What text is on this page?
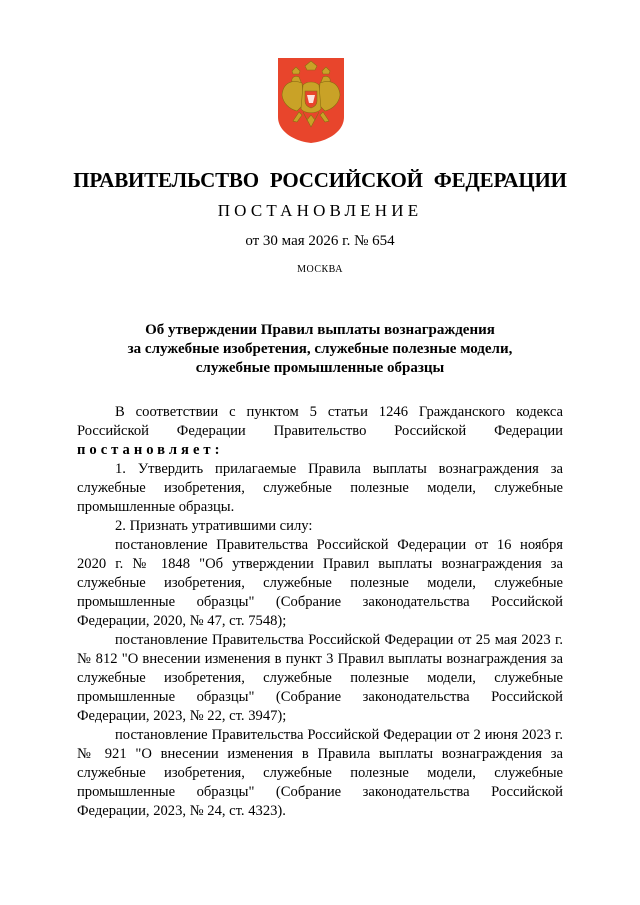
ПРАВИТЕЛЬСТВО РОССИЙСКОЙ ФЕДЕРАЦИИ
ПОСТАНОВЛЕНИЕ
от 30 мая 2026 г. № 654
МОСКВА
Об утверждении Правил выплаты вознаграждения
за служебные изобретения, служебные полезные модели,
служебные промышленные образцы

В соответствии с пунктом 5 статьи 1246 Гражданского кодекса Российской Федерации Правительство Российской Федерации постановляет:

1. Утвердить прилагаемые Правила выплаты вознаграждения за служебные изобретения, служебные полезные модели, служебные промышленные образцы.

2. Признать утратившими силу:

постановление Правительства Российской Федерации от 16 ноября 2020 г. № 1848 "Об утверждении Правил выплаты вознаграждения за служебные изобретения, служебные полезные модели, служебные промышленные образцы" (Собрание законодательства Российской Федерации, 2020, № 47, ст. 7548);

постановление Правительства Российской Федерации от 25 мая 2023 г. № 812 "О внесении изменения в пункт 3 Правил выплаты вознаграждения за служебные изобретения, служебные полезные модели, служебные промышленные образцы" (Собрание законодательства Российской Федерации, 2023, № 22, ст. 3947);

постановление Правительства Российской Федерации от 2 июня 2023 г. № 921 "О внесении изменения в Правила выплаты вознаграждения за служебные изобретения, служебные полезные модели, служебные промышленные образцы" (Собрание законодательства Российской Федерации, 2023, № 24, ст. 4323).
